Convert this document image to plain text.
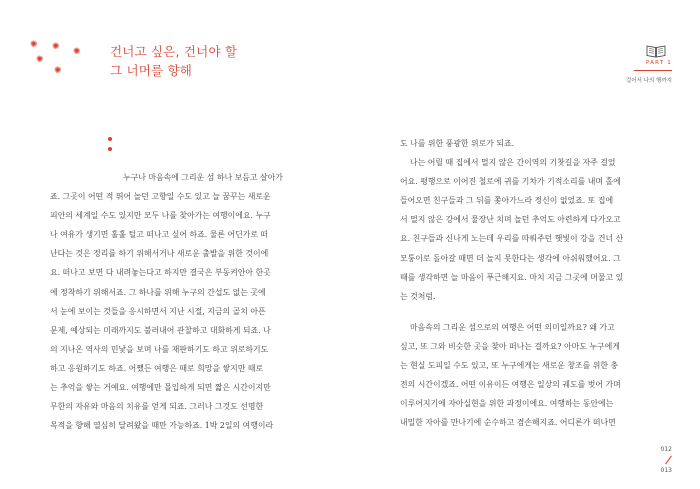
✺ ✺
✺
✺
✺ 건너고 싶은, 건너야 할
그 너머를 향해

누구나 마음속에 그리운 섬 하나 보듬고 살아가

죠. 그곳이 어떤 적 뛰어 놀던 고향일 수도 있고 늘 꿈꾸는 새로운

피안의 세계일 수도 있지만 모두 나를 찾아가는 여행이에요. 누구

나 여유가 생기면 훌훌 털고 떠나고 싶어 하죠. 물론 어딘가로 떠

난다는 것은 정리를 하기 위해서거나 새로운 출발을 위한 것이에

요. 떠나고 보면 다 내려놓는다고 하지만 결국은 부동켜안아 한곳

에 정착하기 위해서죠. 그 하나를 위해 누구의 간섭도 없는 곳에

서 눈에 보이는 것들을 응시하면서 지난 시절, 지금의 골치 아픈

문제, 예상되는 미래까지도 불러내어 관찰하고 대화하게 되죠. 나

의 지나온 역사의 민낯을 보며 나를 재판하기도 하고 위로하기도

하고 응원하기도 하죠. 어쨌든 여행은 때로 희망을 쌓지만 때로

는 추억을 쌓는 거예요. 여행에만 몰입하게 되면 짧은 시간이지만

무한의 자유와 마음의 치유를 얻게 되죠. 그러나 그것도 선명한

목적을 향해 열심히 달려왔을 때만 가능하죠. 1박 2일의 여행이라

PART 1
걸어서 나의 행까지

도 나를 위한 풍광한 위로가 되죠.

나는 어릴 때 집에서 멀지 않은 간이역의 기찻길을 자주 걸었

어요. 평행으로 이어진 철로에 귀를 기차가 기적소리를 내며 홀에

들어오면 친구들과 그 뒤를 쫓아가느라 정신이 없었죠. 또 집에

서 멀지 않은 강에서 물장난 치며 놀던 추억도 아련하게 다가오고

요. 친구들과 신나게 노는데 우리를 따뤄주던 햇빛이 강을 건너 산

모퉁이로 돌아갈 때면 더 놀지 못한다는 생각에 아쉬워했어요. 그

때를 생각하면 늘 마음이 푸근해지요. 마치 지금 그곳에 머물고 있

는 것처럼.

마음속의 그리운 섬으로의 여행은 어떤 의미일까요? 왜 가고

싶고, 또 그와 비슷한 곳을 찾아 떠나는 걸까요? 아마도 누구에게

는 현실 도피일 수도 있고, 또 누구에게는 새로운 창조를 위한 충

전의 시간이겠죠. 어떤 이유이든 여행은 일상의 궤도를 벗어 가며

이루어지기에 자아실현을 위한 과정이에요. 여행하는 동안에는

내밀한 자아를 만나기에 순수하고 겸손해지죠. 어디론가 떠나면

012
013
